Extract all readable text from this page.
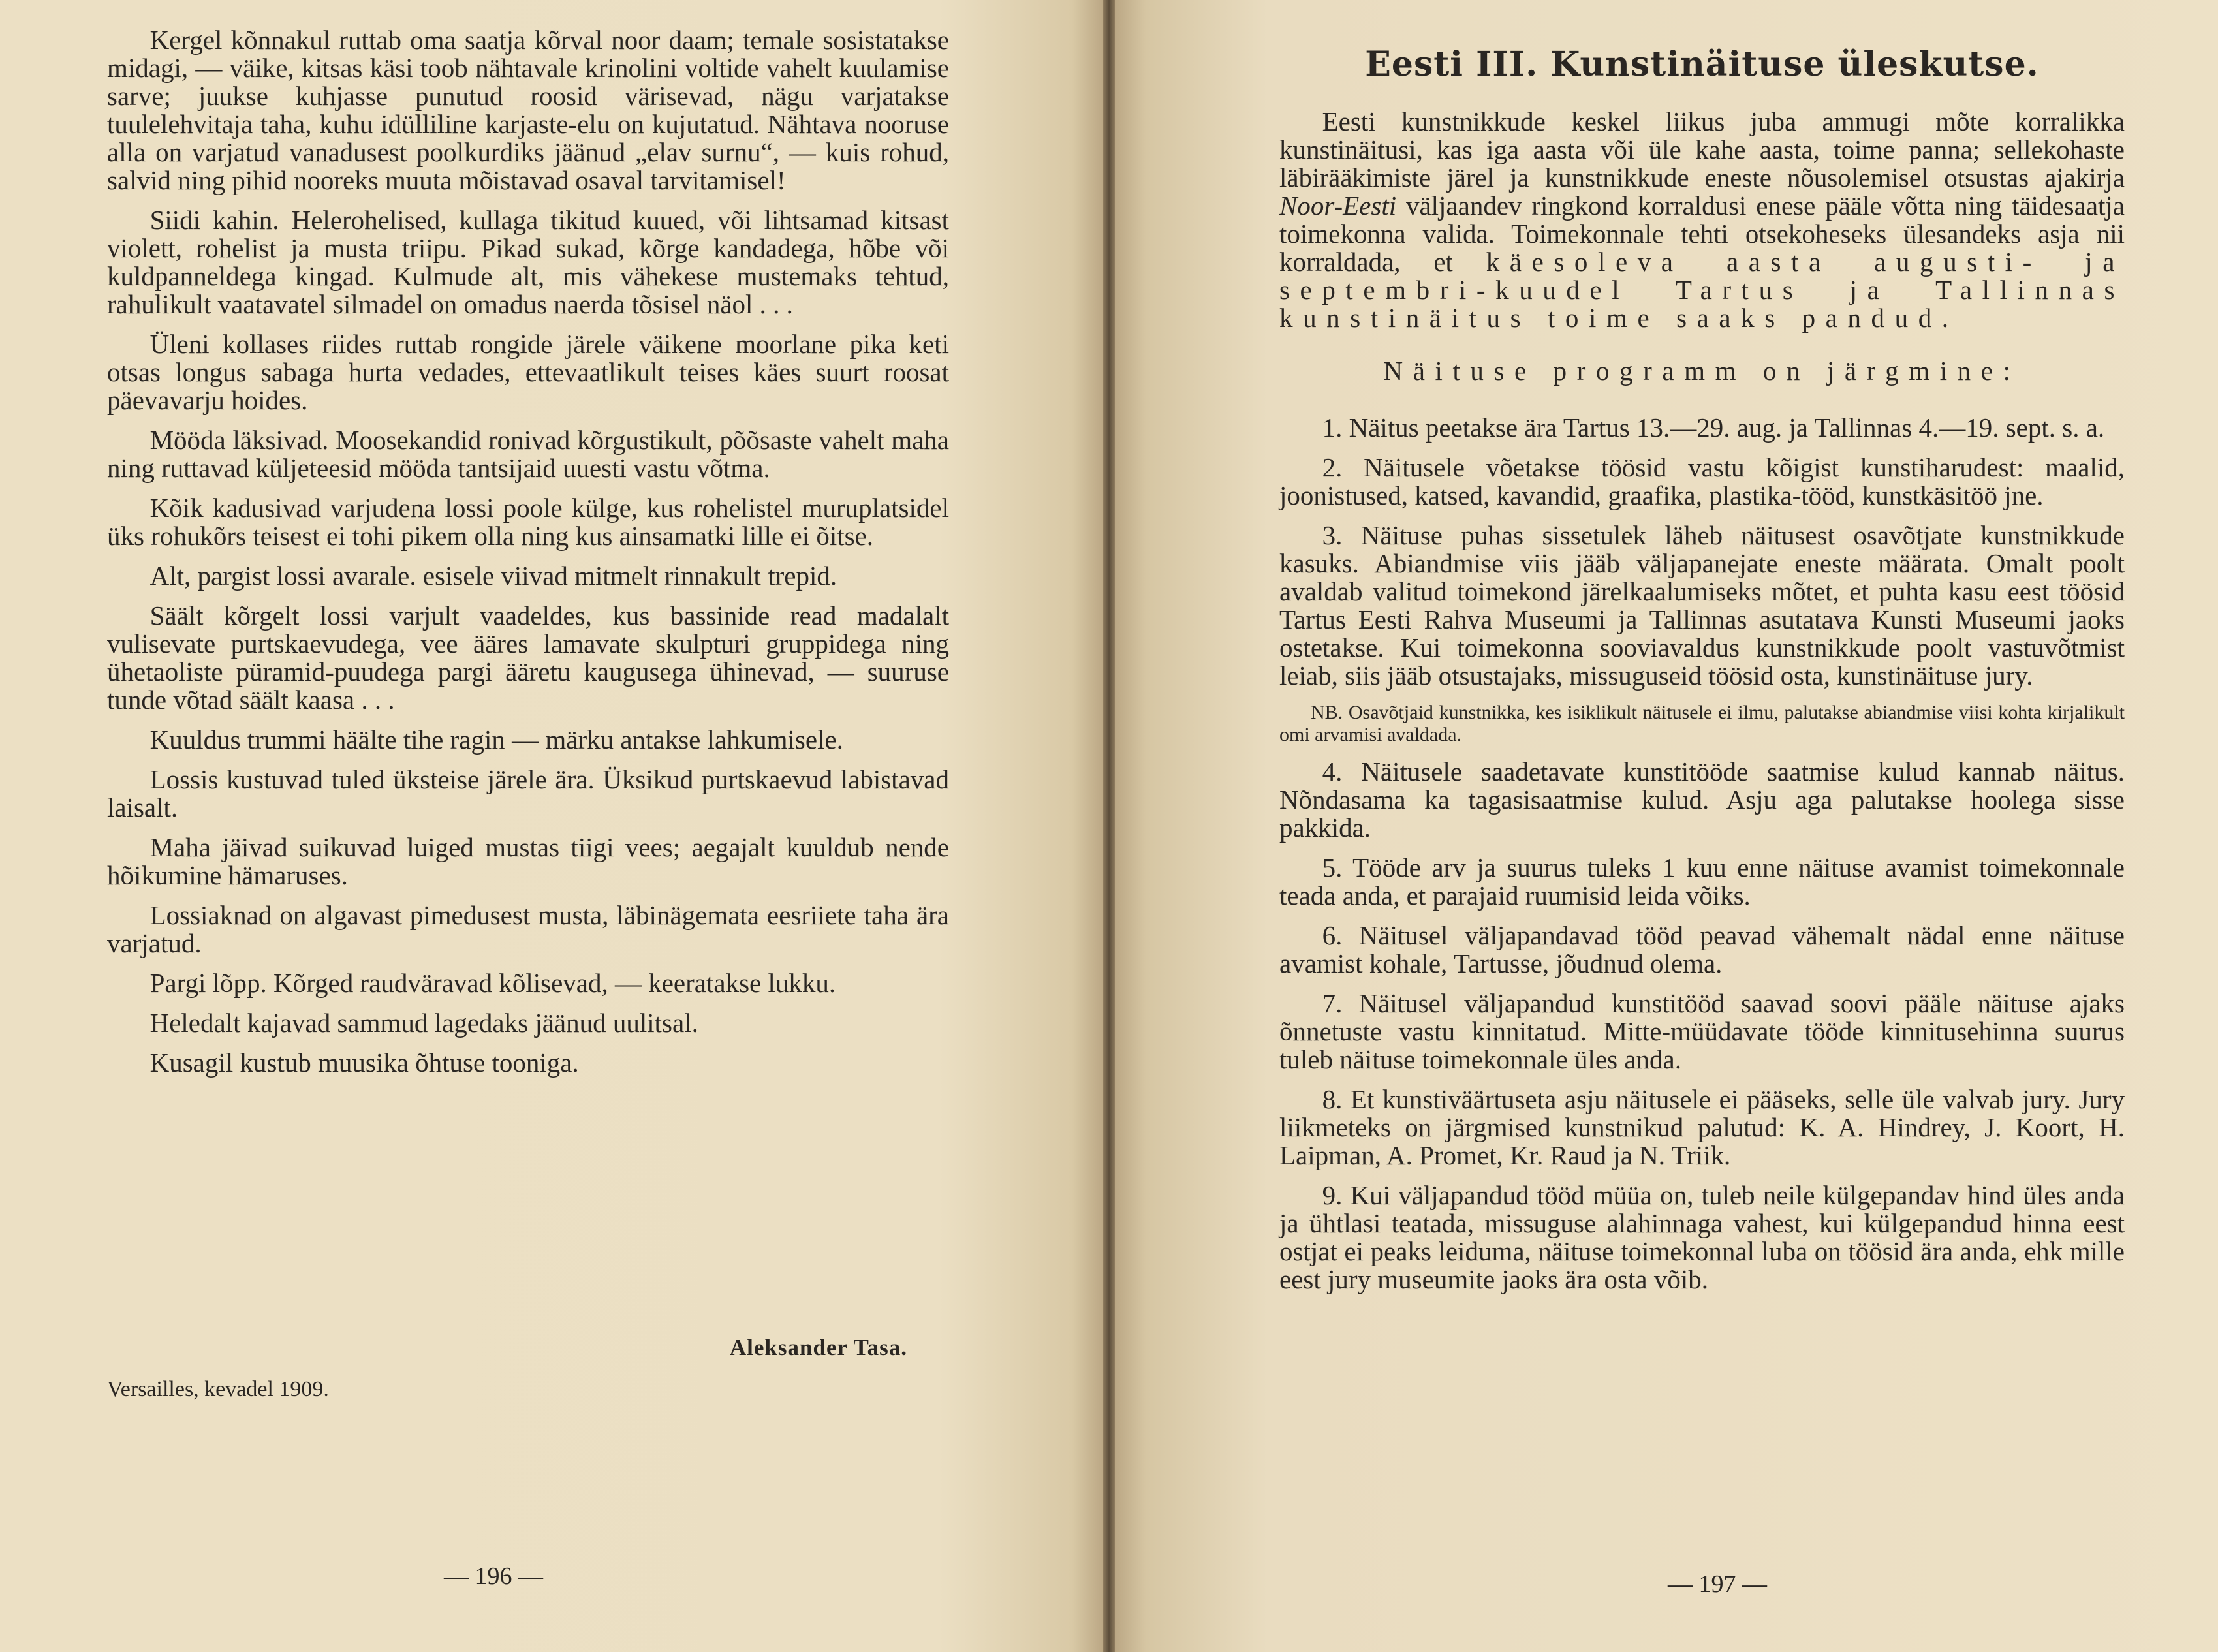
Kergel kõnnakul ruttab oma saatja kõrval noor daam; temale sosistatakse midagi, — väike, kitsas käsi toob nähtavale krinolini voltide vahelt kuulamise sarve; juukse kuhjasse punutud roosid värisevad, nägu varjatakse tuulelehvitaja taha, kuhu idülliline karjaste-elu on kujutatud. Nähtava nooruse alla on varjatud vanadusest poolkurdiks jäänud „elav surnu“, — kuis rohud, salvid ning pihid nooreks muuta mõistavad osaval tarvitamisel!

Siidi kahin. Helerohelised, kullaga tikitud kuued, või lihtsamad kitsast violett, rohelist ja musta triipu. Pikad sukad, kõrge kandadega, hõbe või kuldpanneldega kingad. Kulmude alt, mis vähekese mustemaks tehtud, rahulikult vaatavatel silmadel on omadus naerda tõsisel näol . . .

Üleni kollases riides ruttab rongide järele väikene moorlane pika keti otsas longus sabaga hurta vedades, ettevaatlikult teises käes suurt roosat päevavarju hoides.

Mööda läksivad. Moosekandid ronivad kõrgustikult, põõsaste vahelt maha ning ruttavad küljeteesid mööda tantsijaid uuesti vastu võtma.

Kõik kadusivad varjudena lossi poole külge, kus rohelistel muruplatsidel üks rohukõrs teisest ei tohi pikem olla ning kus ainsamatki lille ei õitse.

Alt, pargist lossi avarale. esisele viivad mitmelt rinnakult trepid.

Säält kõrgelt lossi varjult vaadeldes, kus bassinide read madalalt vulisevate purtskaevudega, vee ääres lamavate skulpturi gruppidega ning ühetaoliste püramid-puudega pargi ääretu kaugusega ühinevad, — suuruse tunde võtad säält kaasa . . .

Kuuldus trummi häälte tihe ragin — märku antakse lahkumisele.

Lossis kustuvad tuled üksteise järele ära. Üksikud purtskaevud labistavad laisalt.

Maha jäivad suikuvad luiged mustas tiigi vees; aegajalt kuuldub nende hõikumine hämaruses.

Lossiaknad on algavast pimedusest musta, läbinägemata eesriiete taha ära varjatud.

Pargi lõpp. Kõrged raudväravad kõlisevad, — keeratakse lukku.

Heledalt kajavad sammud lagedaks jäänud uulitsal.

Kusagil kustub muusika õhtuse tooniga.

Aleksander Tasa.
Versailles, kevadel 1909.
— 196 —
Eesti III. Kunstinäituse üleskutse.

Eesti kunstnikkude keskel liikus juba ammugi mõte korralikka kunstinäitusi, kas iga aasta või üle kahe aasta, toime panna; sellekohaste läbirääkimiste järel ja kunstnikkude eneste nõusolemisel otsustas ajakirja Noor-Eesti väljaandev ringkond korraldusi enese pääle võtta ning täidesaatja toimekonna valida. Toimekonnale tehti otsekoheseks ülesandeks asja nii korraldada, et käesoleva aasta augusti- ja septembri-kuudel Tartus ja Tallinnas kunstinäitus toime saaks pandud.

Näituse programm on järgmine:

1. Näitus peetakse ära Tartus 13.—29. aug. ja Tallinnas 4.—19. sept. s. a.

2. Näitusele võetakse töösid vastu kõigist kunstiharudest: maalid, joonistused, katsed, kavandid, graafika, plastika-tööd, kunstkäsitöö jne.

3. Näituse puhas sissetulek läheb näitusest osavõtjate kunstnikkude kasuks. Abiandmise viis jääb väljapanejate eneste määrata. Omalt poolt avaldab valitud toimekond järelkaalumiseks mõtet, et puhta kasu eest töösid Tartus Eesti Rahva Museumi ja Tallinnas asutatava Kunsti Museumi jaoks ostetakse. Kui toimekonna sooviavaldus kunstnikkude poolt vastuvõtmist leiab, siis jääb otsustajaks, missuguseid töösid osta, kunstinäituse jury.

NB. Osavõtjaid kunstnikka, kes isiklikult näitusele ei ilmu, palutakse abiandmise viisi kohta kirjalikult omi arvamisi avaldada.

4. Näitusele saadetavate kunstitööde saatmise kulud kannab näitus. Nõndasama ka tagasisaatmise kulud. Asju aga palutakse hoolega sisse pakkida.

5. Tööde arv ja suurus tuleks 1 kuu enne näituse avamist toimekonnale teada anda, et parajaid ruumisid leida võiks.

6. Näitusel väljapandavad tööd peavad vähemalt nädal enne näituse avamist kohale, Tartusse, jõudnud olema.

7. Näitusel väljapandud kunstitööd saavad soovi pääle näituse ajaks õnnetuste vastu kinnitatud. Mitte-müüdavate tööde kinnitusehinna suurus tuleb näituse toimekonnale üles anda.

8. Et kunstiväärtuseta asju näitusele ei pääseks, selle üle valvab jury. Jury liikmeteks on järgmised kunstnikud palutud: K. A. Hindrey, J. Koort, H. Laipman, A. Promet, Kr. Raud ja N. Triik.

9. Kui väljapandud tööd müüa on, tuleb neile külgepandav hind üles anda ja ühtlasi teatada, missuguse alahinnaga vahest, kui külgepandud hinna eest ostjat ei peaks leiduma, näituse toimekonnal luba on töösid ära anda, ehk mille eest jury museumite jaoks ära osta võib.

— 197 —
